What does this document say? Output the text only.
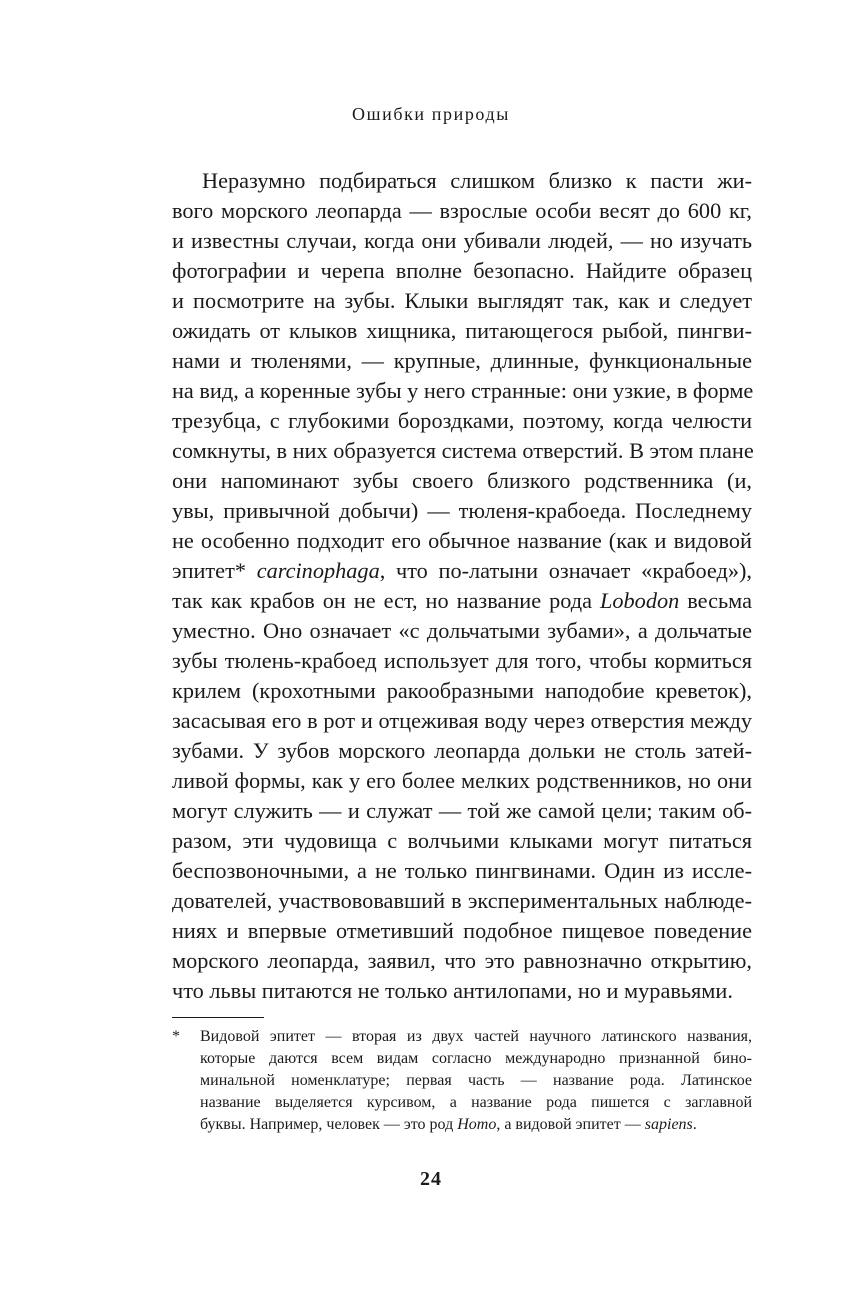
Ошибки природы
Неразумно подбираться слишком близко к пасти жи-
вого морского леопарда — взрослые особи весят до 600 кг,
и известны случаи, когда они убивали людей, — но изучать
фотографии и черепа вполне безопасно. Найдите образец
и посмотрите на зубы. Клыки выглядят так, как и следует
ожидать от клыков хищника, питающегося рыбой, пингви-
нами и тюленями, — крупные, длинные, функциональные
на вид, а коренные зубы у него странные: они узкие, в форме
трезубца, с глубокими бороздками, поэтому, когда челюсти
сомкнуты, в них образуется система отверстий. В этом плане
они напоминают зубы своего близкого родственника (и,
увы, привычной добычи) — тюленя-крабоеда. Последнему
не особенно подходит его обычное название (как и видовой
эпитет* carcinophaga, что по-латыни означает «крабоед»),
так как крабов он не ест, но название рода Lobodon весьма
уместно. Оно означает «с дольчатыми зубами», а дольчатые
зубы тюлень-крабоед использует для того, чтобы кормиться
крилем (крохотными ракообразными наподобие креветок),
засасывая его в рот и отцеживая воду через отверстия между
зубами. У зубов морского леопарда дольки не столь затей-
ливой формы, как у его более мелких родственников, но они
могут служить — и служат — той же самой цели; таким об-
разом, эти чудовища с волчьими клыками могут питаться
беспозвоночными, а не только пингвинами. Один из иссле-
дователей, участвововавший в экспериментальных наблюде-
ниях и впервые отметивший подобное пищевое поведение
морского леопарда, заявил, что это равнозначно открытию,
что львы питаются не только антилопами, но и муравьями.
* Видовой эпитет — вторая из двух частей научного латинского названия,
которые даются всем видам согласно международно признанной бино-
минальной номенклатуре; первая часть — название рода. Латинское
название выделяется курсивом, а название рода пишется с заглавной
буквы. Например, человек — это род Homo, а видовой эпитет — sapiens.
24
